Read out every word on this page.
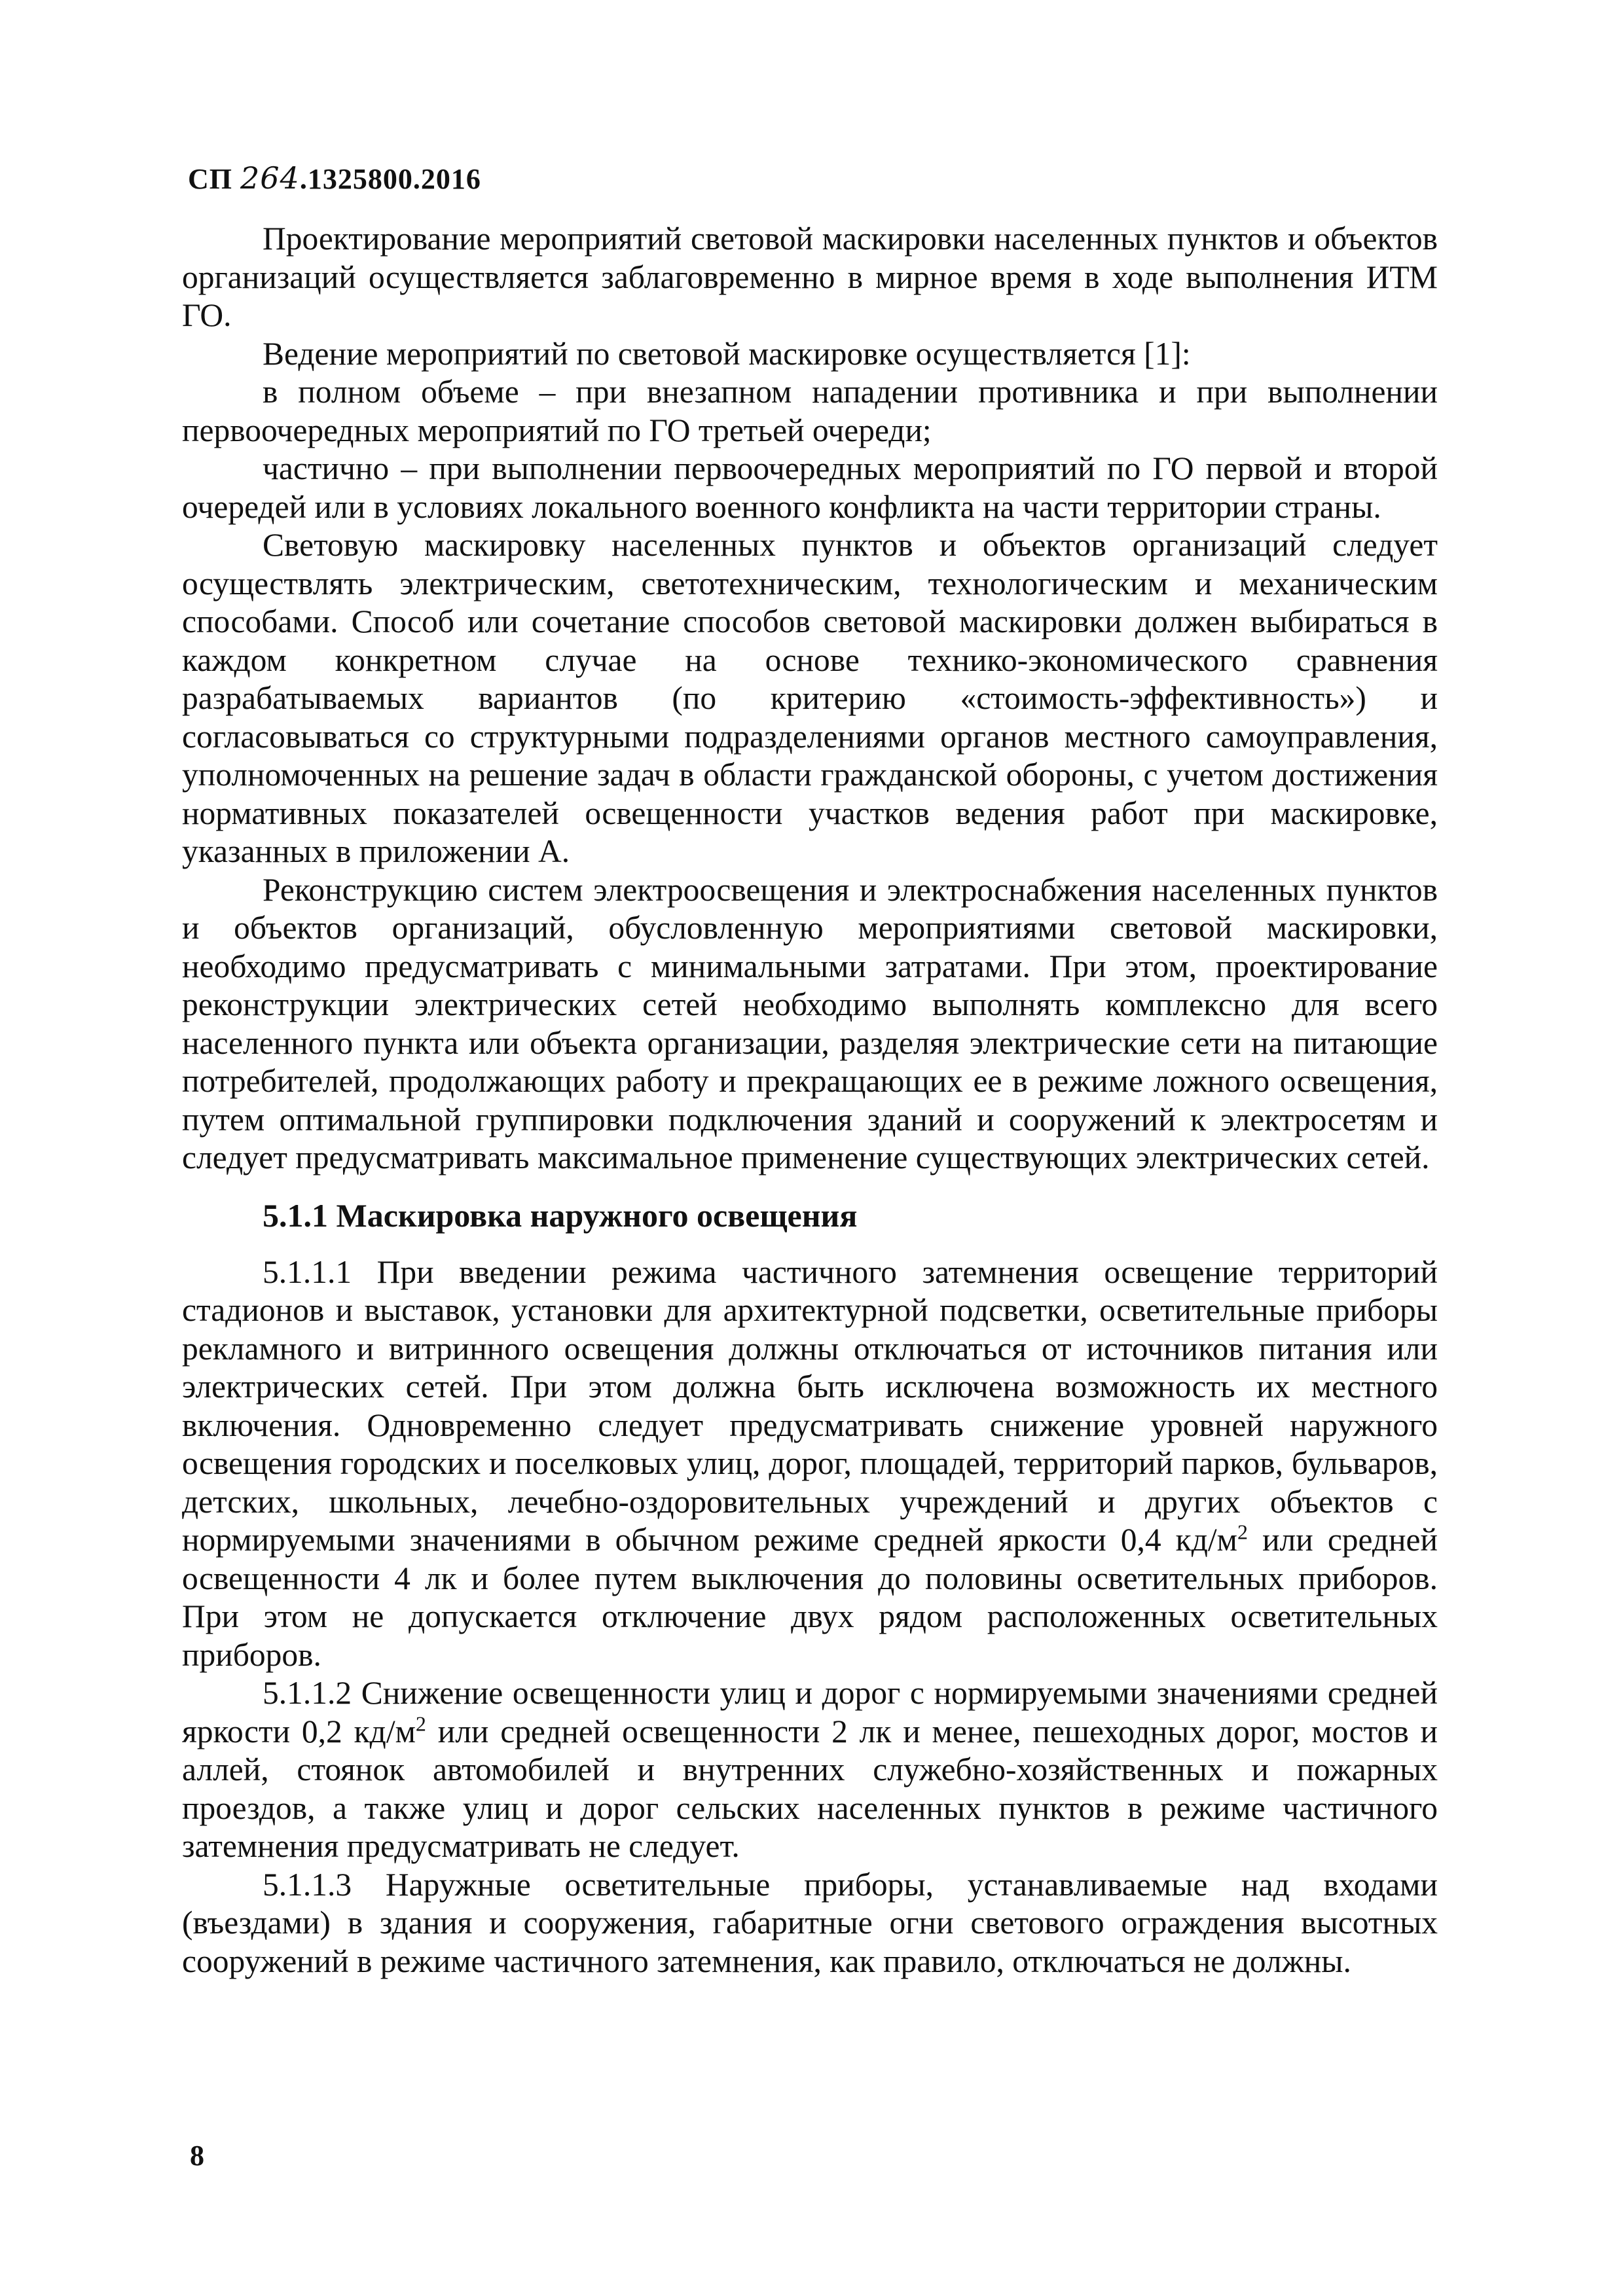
СП 264.1325800.2016

Проектирование мероприятий световой маскировки населенных пунктов и объектов организаций осуществляется заблаговременно в мирное время в ходе выполнения ИТМ ГО.

Ведение мероприятий по световой маскировке осуществляется [1]:

в полном объеме – при внезапном нападении противника и при выполнении первоочередных мероприятий по ГО третьей очереди;

частично – при выполнении первоочередных мероприятий по ГО первой и второй очередей или в условиях локального военного конфликта на части территории страны.

Световую маскировку населенных пунктов и объектов организаций следует осуществлять электрическим, светотехническим, технологическим и механическим способами. Способ или сочетание способов световой маскировки должен выбираться в каждом конкретном случае на основе технико-экономического сравнения разрабатываемых вариантов (по критерию «стоимость-эффективность») и согласовываться со структурными подразделениями органов местного самоуправления, уполномоченных на решение задач в области гражданской обороны, с учетом достижения нормативных показателей освещенности участков ведения работ при маскировке, указанных в приложении А.

Реконструкцию систем электроосвещения и электроснабжения населенных пунктов и объектов организаций, обусловленную мероприятиями световой маскировки, необходимо предусматривать с минимальными затратами. При этом, проектирование реконструкции электрических сетей необходимо выполнять комплексно для всего населенного пункта или объекта организации, разделяя электрические сети на питающие потребителей, продолжающих работу и прекращающих ее в режиме ложного освещения, путем оптимальной группировки подключения зданий и сооружений к электросетям и следует предусматривать максимальное применение существующих электрических сетей.

5.1.1 Маскировка наружного освещения

5.1.1.1 При введении режима частичного затемнения освещение территорий стадионов и выставок, установки для архитектурной подсветки, осветительные приборы рекламного и витринного освещения должны отключаться от источников питания или электрических сетей. При этом должна быть исключена возможность их местного включения. Одновременно следует предусматривать снижение уровней наружного освещения городских и поселковых улиц, дорог, площадей, территорий парков, бульваров, детских, школьных, лечебно-оздоровительных учреждений и других объектов с нормируемыми значениями в обычном режиме средней яркости 0,4 $кд/м^2$ или средней освещенности 4 лк и более путем выключения до половины осветительных приборов. При этом не допускается отключение двух рядом расположенных осветительных приборов.

5.1.1.2 Снижение освещенности улиц и дорог с нормируемыми значениями средней яркости 0,2 $кд/м^2$ или средней освещенности 2 лк и менее, пешеходных дорог, мостов и аллей, стоянок автомобилей и внутренних служебно-хозяйственных и пожарных проездов, а также улиц и дорог сельских населенных пунктов в режиме частичного затемнения предусматривать не следует.

5.1.1.3 Наружные осветительные приборы, устанавливаемые над входами (въездами) в здания и сооружения, габаритные огни светового ограждения высотных сооружений в режиме частичного затемнения, как правило, отключаться не должны.

8
